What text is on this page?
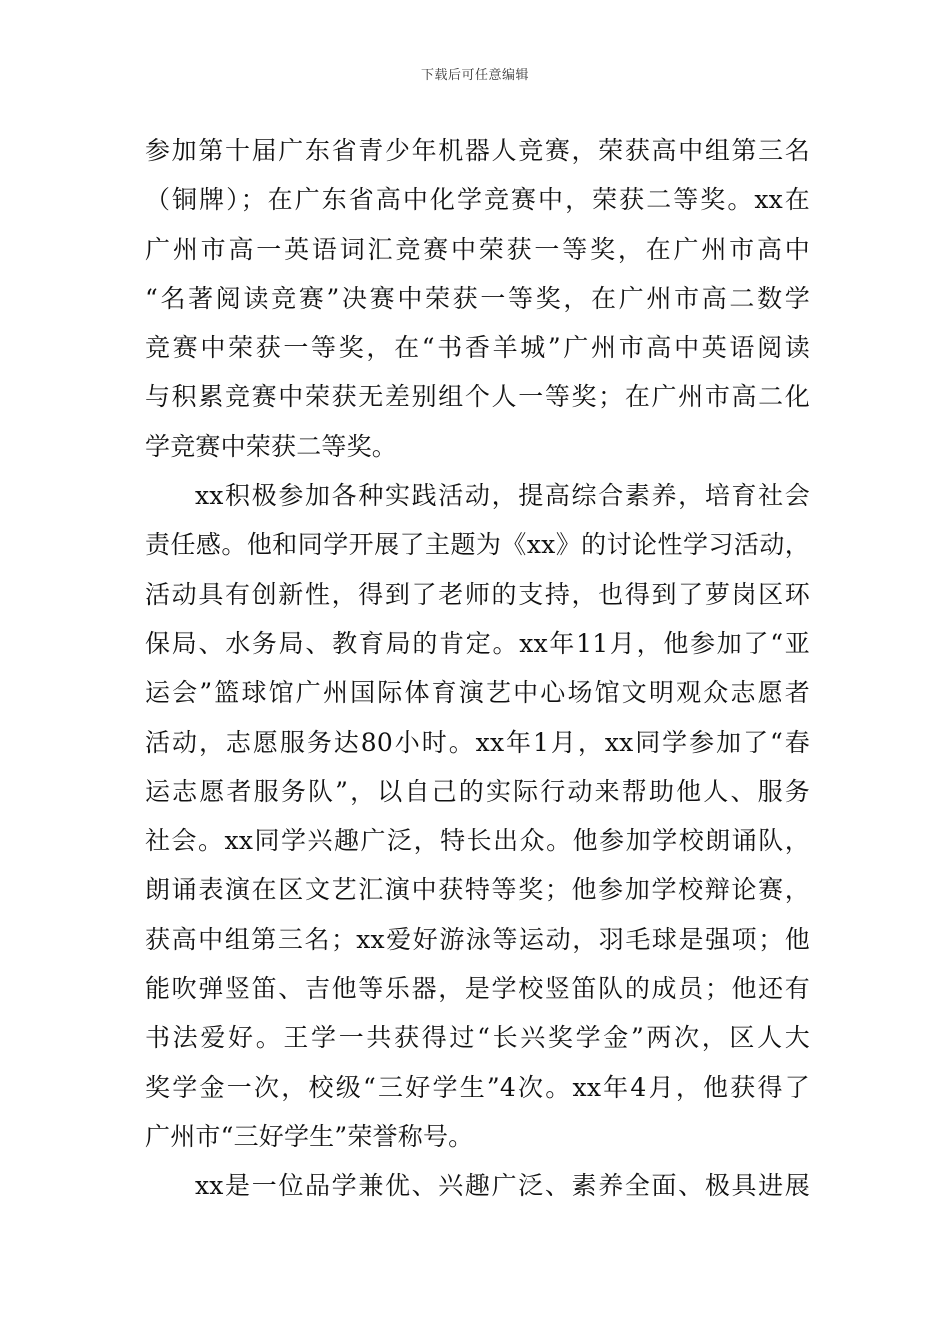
下载后可任意编辑
参加第十届广东省青少年机器人竞赛，荣获高中组第三名
（铜牌）；在广东省高中化学竞赛中，荣获二等奖。xx在
广州市高一英语词汇竞赛中荣获一等奖，在广州市高中
“名著阅读竞赛”决赛中荣获一等奖，在广州市高二数学
竞赛中荣获一等奖，在“书香羊城”广州市高中英语阅读
与积累竞赛中荣获无差别组个人一等奖；在广州市高二化
学竞赛中荣获二等奖。
xx积极参加各种实践活动，提高综合素养，培育社会
责任感。他和同学开展了主题为《xx》的讨论性学习活动，
活动具有创新性，得到了老师的支持，也得到了萝岗区环
保局、水务局、教育局的肯定。xx年11月，他参加了“亚
运会”篮球馆广州国际体育演艺中心场馆文明观众志愿者
活动，志愿服务达80小时。xx年1月，xx同学参加了“春
运志愿者服务队”，以自己的实际行动来帮助他人、服务
社会。xx同学兴趣广泛，特长出众。他参加学校朗诵队，
朗诵表演在区文艺汇演中获特等奖；他参加学校辩论赛，
获高中组第三名；xx爱好游泳等运动，羽毛球是强项；他
能吹弹竖笛、吉他等乐器，是学校竖笛队的成员；他还有
书法爱好。王学一共获得过“长兴奖学金”两次，区人大
奖学金一次，校级“三好学生”4次。xx年4月，他获得了
广州市“三好学生”荣誉称号。
xx是一位品学兼优、兴趣广泛、素养全面、极具进展
